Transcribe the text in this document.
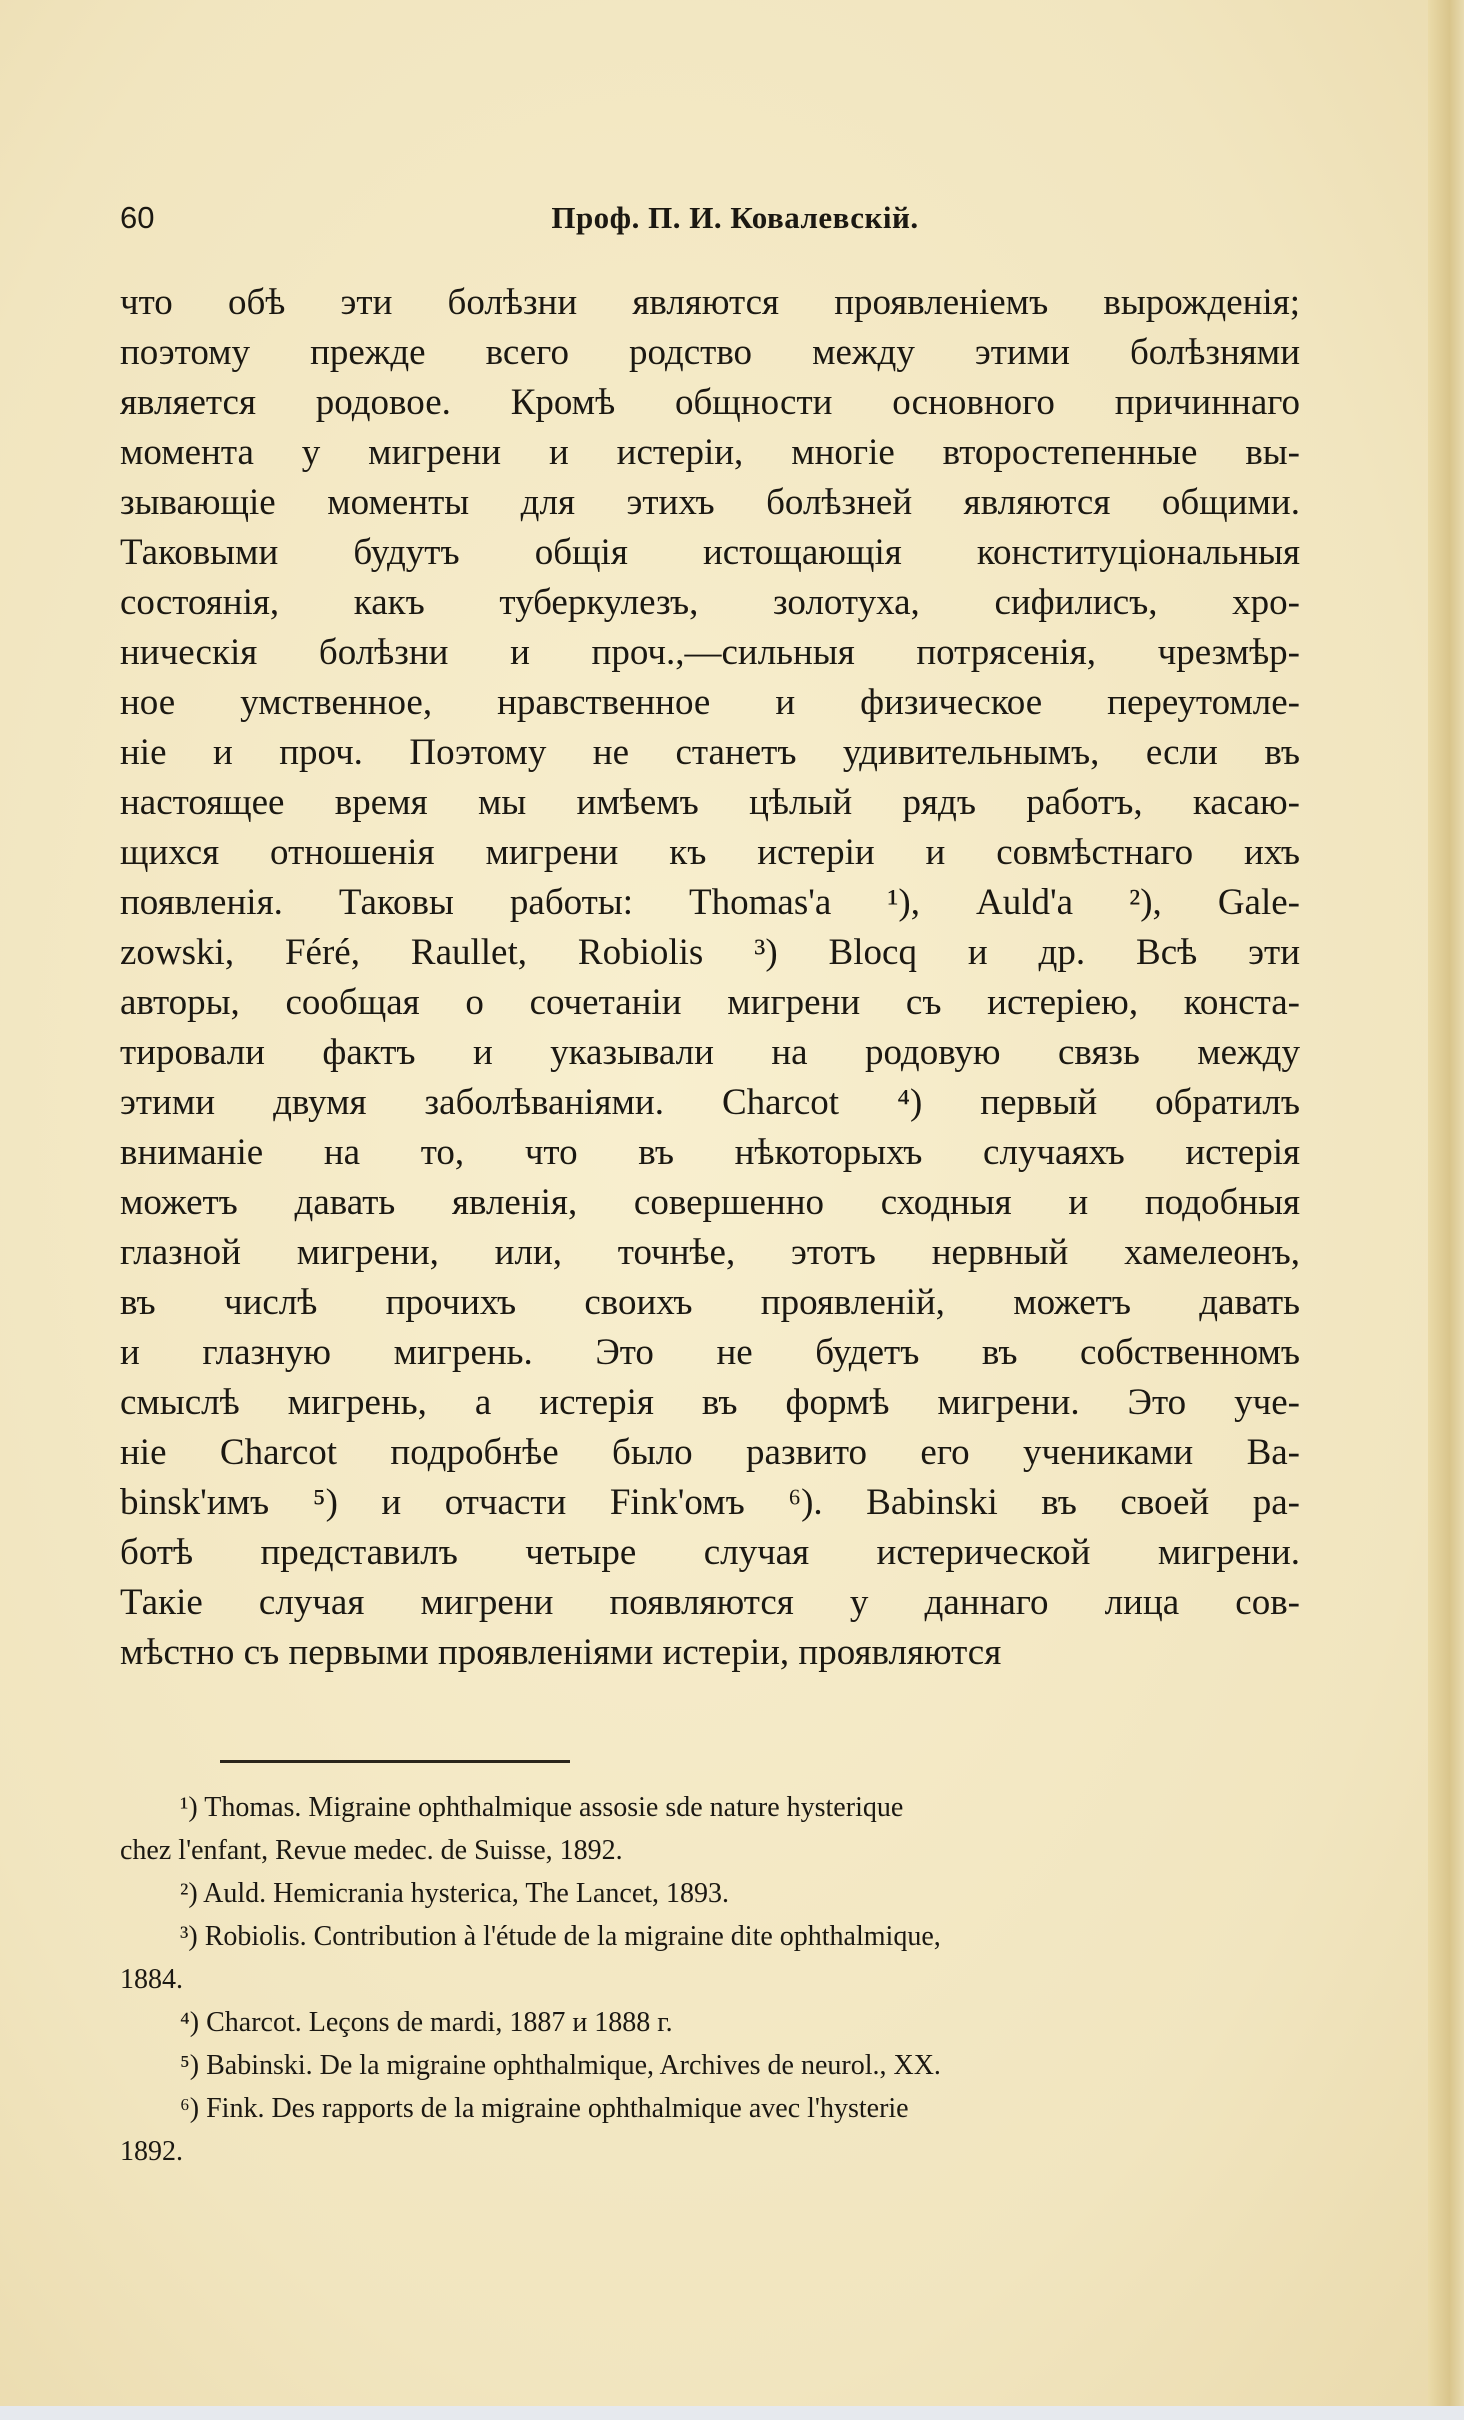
60	Проф. П. И. Ковалевскій.
что обѣ эти болѣзни являются проявленіемъ вырожденія;
поэтому прежде всего родство между этими болѣзнями
является родовое. Кромѣ общности основного причиннаго
момента у мигрени и истеріи, многіе второстепенные вы-
зывающіе моменты для этихъ болѣзней являются общими.
Таковыми будутъ общія истощающія конституціональныя
состоянія, какъ туберкулезъ, золотуха, сифилисъ, хро-
ническія болѣзни и проч.,—сильныя потрясенія, чрезмѣр-
ное умственное, нравственное и физическое переутомле-
ніе и проч. Поэтому не станетъ удивительнымъ, если въ
настоящее время мы имѣемъ цѣлый рядъ работъ, касаю-
щихся отношенія мигрени къ истеріи и совмѣстнаго ихъ
появленія. Таковы работы: Thomas'а ¹), Auld'а ²), Gale-
zowski, Féré, Raullet, Robiolis ³) Blocq и др. Всѣ эти
авторы, сообщая о сочетаніи мигрени съ истеріею, конста-
тировали фактъ и указывали на родовую связь между
этими двумя заболѣваніями. Charcot ⁴) первый обратилъ
вниманіе на то, что въ нѣкоторыхъ случаяхъ истерія
можетъ давать явленія, совершенно сходныя и подобныя
глазной мигрени, или, точнѣе, этотъ нервный хамелеонъ,
въ числѣ прочихъ своихъ проявленій, можетъ давать
и глазную мигрень. Это не будетъ въ собственномъ
смыслѣ мигрень, а истерія въ формѣ мигрени. Это уче-
ніе Charcot подробнѣе было развито его учениками Ba-
binsk'имъ ⁵) и отчасти Fink'омъ ⁶). Babinski въ своей ра-
ботѣ представилъ четыре случая истерической мигрени.
Такіе случая мигрени появляются у даннаго лица сов-
мѣстно съ первыми проявленіями истеріи, проявляются
¹) Thomas. Migraine ophthalmique assosie sde nature hysterique
chez l'enfant, Revue medec. de Suisse, 1892.
²) Auld. Hemicrania hysterica, The Lancet, 1893.
³) Robiolis. Contribution à l'étude de la migraine dite ophthalmique,
1884.
⁴) Charcot. Leçons de mardi, 1887 и 1888 г.
⁵) Babinski. De la migraine ophthalmique, Archives de neurol., XX.
⁶) Fink. Des rapports de la migraine ophthalmique avec l'hysterie
1892.
